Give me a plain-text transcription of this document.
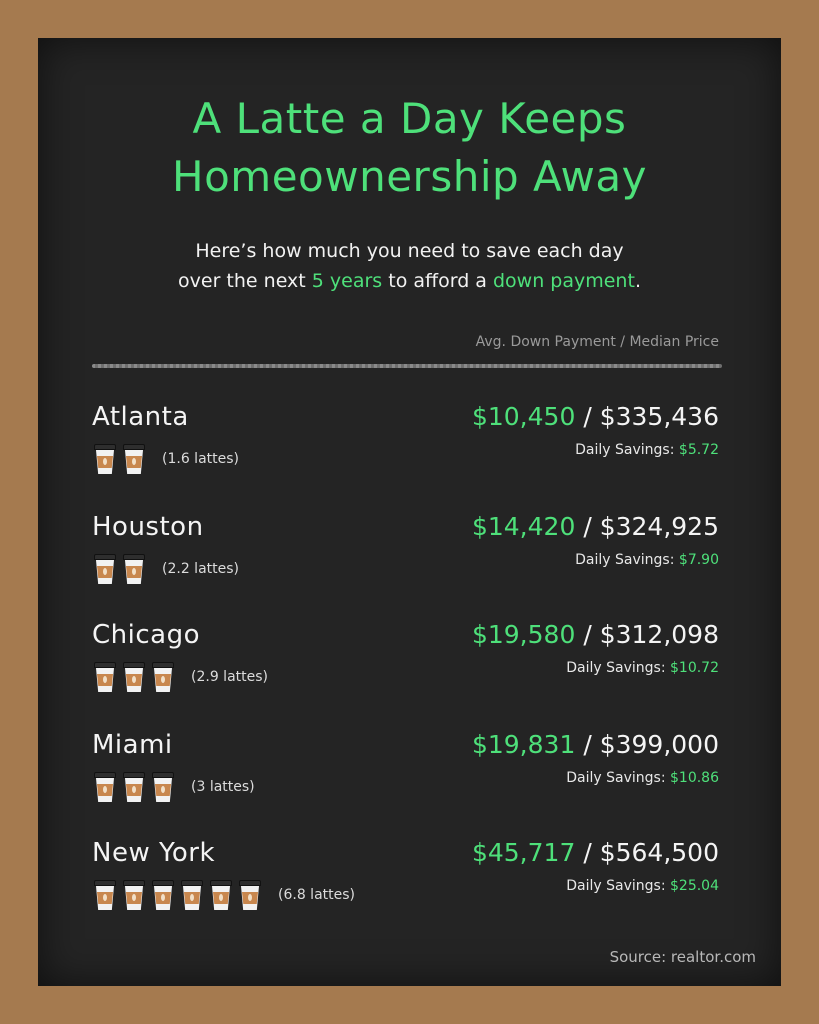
A Latte a Day Keeps
Homeownership Away
Here’s how much you need to save each day
over the next 5 years to afford a down payment.
Avg. Down Payment / Median Price
Atlanta
(1.6 lattes)
$10,450 / $335,436
Daily Savings: $5.72
Houston
(2.2 lattes)
$14,420 / $324,925
Daily Savings: $7.90
Chicago
(2.9 lattes)
$19,580 / $312,098
Daily Savings: $10.72
Miami
(3 lattes)
$19,831 / $399,000
Daily Savings: $10.86
New York
(6.8 lattes)
$45,717 / $564,500
Daily Savings: $25.04
Source: realtor.com
